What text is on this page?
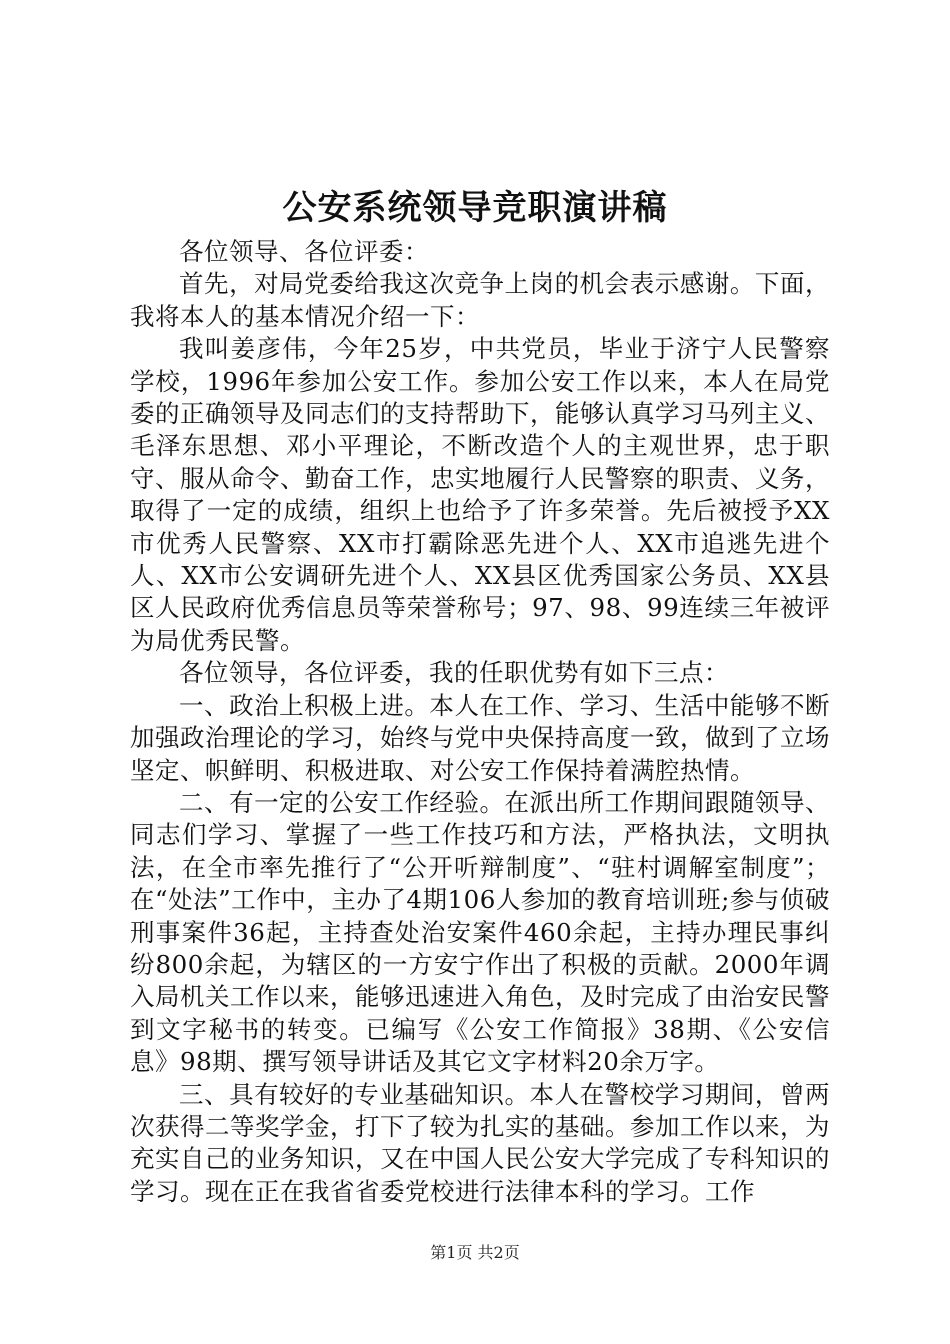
公安系统领导竞职演讲稿

各位领导、各位评委：

首先，对局党委给我这次竞争上岗的机会表示感谢。下面，我将本人的基本情况介绍一下：

我叫姜彦伟，今年25岁，中共党员，毕业于济宁人民警察学校，1996年参加公安工作。参加公安工作以来，本人在局党委的正确领导及同志们的支持帮助下，能够认真学习马列主义、毛泽东思想、邓小平理论，不断改造个人的主观世界，忠于职守、服从命令、勤奋工作，忠实地履行人民警察的职责、义务，取得了一定的成绩，组织上也给予了许多荣誉。先后被授予XX市优秀人民警察、XX市打霸除恶先进个人、XX市追逃先进个人、XX市公安调研先进个人、XX县区优秀国家公务员、XX县区人民政府优秀信息员等荣誉称号；97、98、99连续三年被评为局优秀民警。

各位领导，各位评委，我的任职优势有如下三点：

一、政治上积极上进。本人在工作、学习、生活中能够不断加强政治理论的学习，始终与党中央保持高度一致，做到了立场坚定、帜鲜明、积极进取、对公安工作保持着满腔热情。

二、有一定的公安工作经验。在派出所工作期间跟随领导、同志们学习、掌握了一些工作技巧和方法，严格执法，文明执法，在全市率先推行了“公开听辩制度”、“驻村调解室制度”；在“处法”工作中，主办了4期106人参加的教育培训班;参与侦破刑事案件36起，主持查处治安案件460余起，主持办理民事纠纷800余起，为辖区的一方安宁作出了积极的贡献。2000年调入局机关工作以来，能够迅速进入角色，及时完成了由治安民警到文字秘书的转变。已编写《公安工作简报》38期、《公安信息》98期、撰写领导讲话及其它文字材料20余万字。

三、具有较好的专业基础知识。本人在警校学习期间，曾两次获得二等奖学金，打下了较为扎实的基础。参加工作以来，为充实自己的业务知识，又在中国人民公安大学完成了专科知识的学习。现在正在我省省委党校进行法律本科的学习。工作

第1页 共2页
